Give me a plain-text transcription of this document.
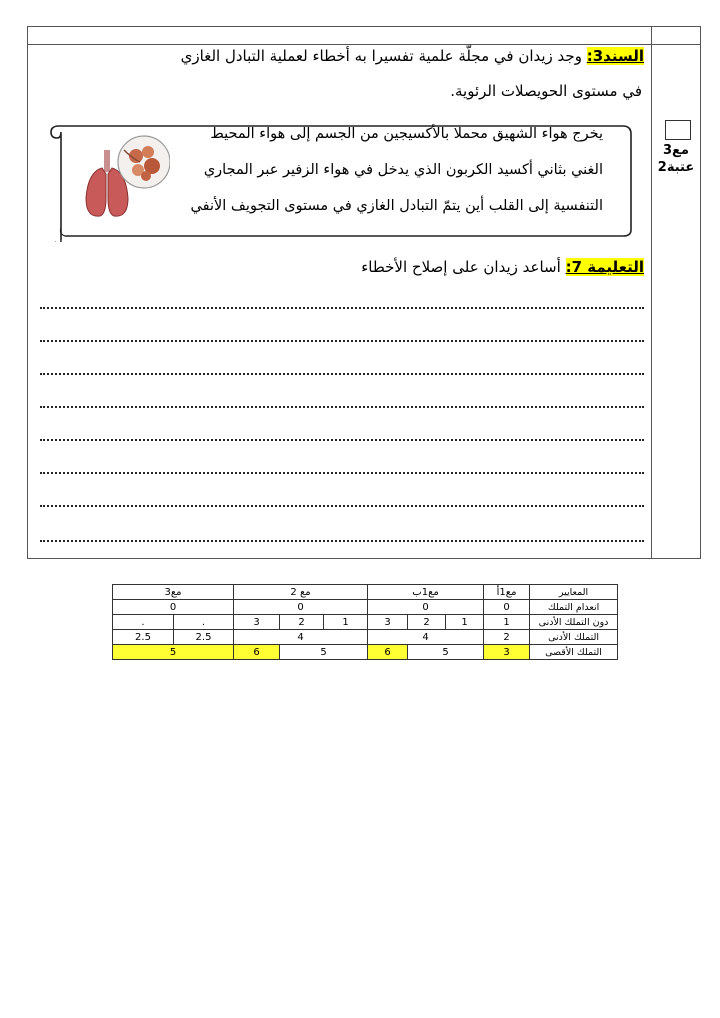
مع3
عتبة2
السند3: وجد زيدان في مجلّة علمية تفسيرا به أخطاء لعملية التبادل الغازي
في مستوى الحويصلات الرئوية.
يخرج هواء الشهيق محملا بالأكسيجين من الجسم إلى هواء المحيط
الغني بثاني أكسيد الكربون الذي يدخل في هواء الزفير عبر المجاري
التنفسية إلى القلب أين يتمّ التبادل الغازي في مستوى التجويف الأنفي
التعليمة 7: أساعد زيدان على إصلاح الأخطاء
المعايير	مع1أ	مع1ب			مع 2			مع3	
انعدام التملك	0	0			0			0	
دون التملك الأدنى	1	1	2	3	1	2	3	.	.
التملك الأدنى	2	4			4			2.5	2.5
التملك الأقصى	3	5		6	5		6	5	
